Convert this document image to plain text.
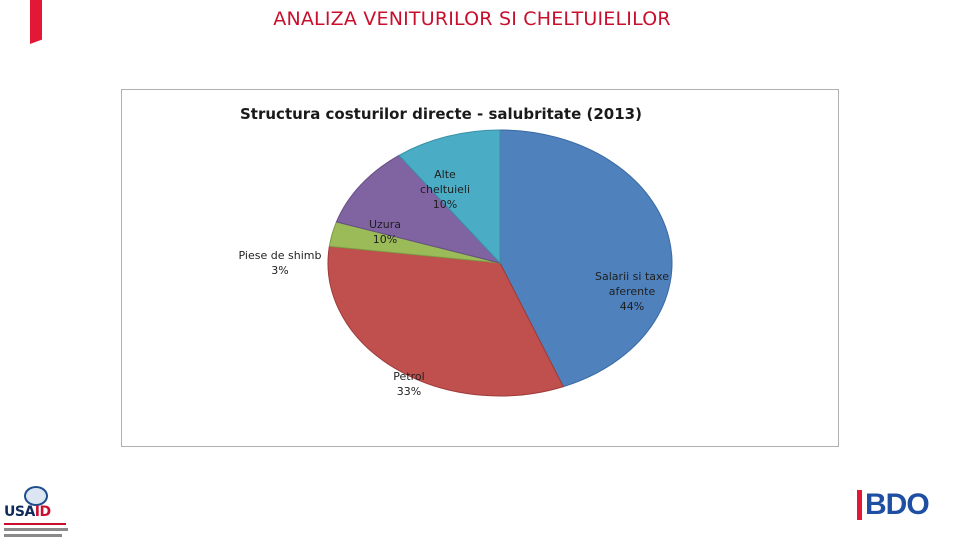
ANALIZA VENITURILOR SI CHELTUIELILOR
Structura costurilor directe - salubritate (2013)
Salarii si taxe aferente 44%
Petrol 33%
Piese de shimb 3%
Uzura 10%
Alte cheltuieli 10%
USAID	BDO
